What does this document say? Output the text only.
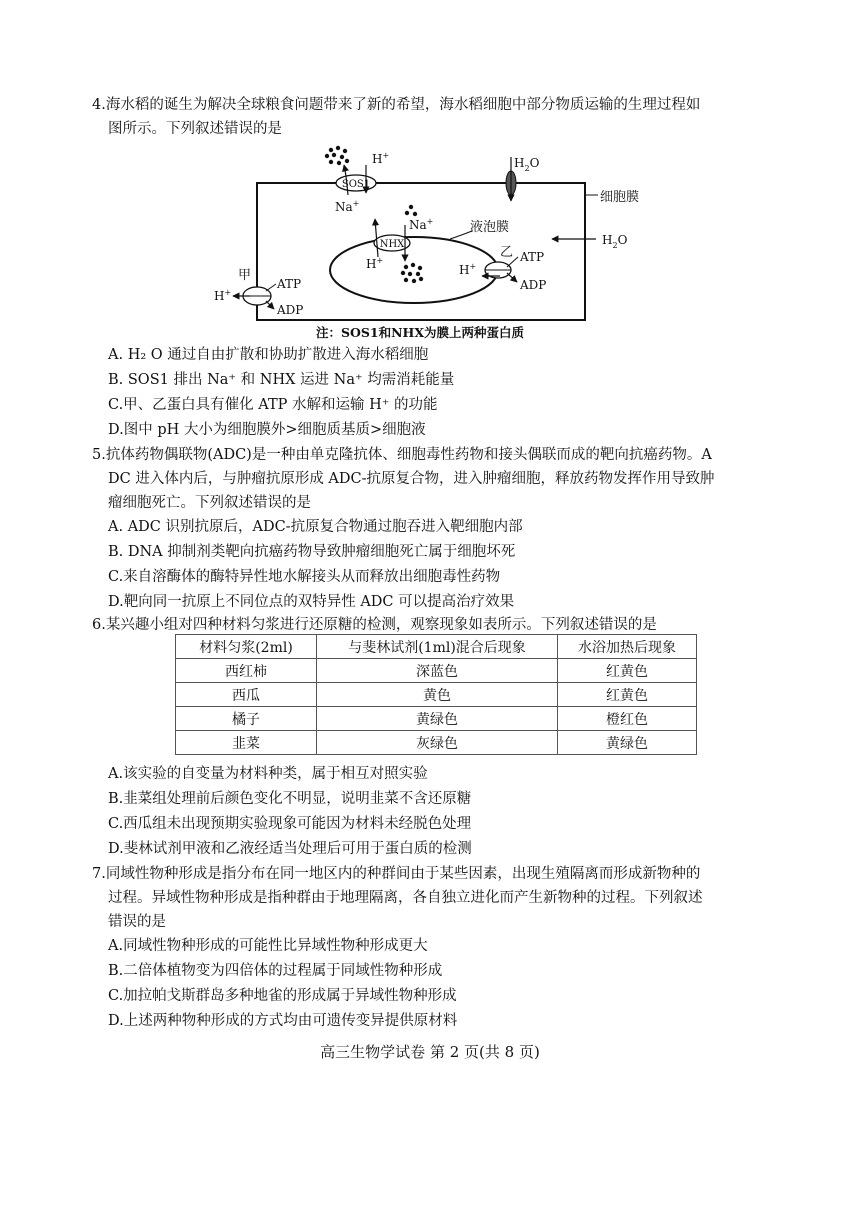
4.海水稻的诞生为解决全球粮食问题带来了新的希望，海水稻细胞中部分物质运输的生理过程如

图所示。下列叙述错误的是

SOS1
H+
Na+
$H_2O$
细胞膜
$H_2O$
NHX
Na+
H+
液泡膜
乙 ATP
ADP
H+
甲
ATP
ADP
H+
注：SOS1和NHX为膜上两种蛋白质

A. H₂ O 通过自由扩散和协助扩散进入海水稻细胞

B. SOS1 排出 Na⁺ 和 NHX 运进 Na⁺ 均需消耗能量

C.甲、乙蛋白具有催化 ATP 水解和运输 H⁺ 的功能

D.图中 pH 大小为细胞膜外>细胞质基质>细胞液

5.抗体药物偶联物(ADC)是一种由单克隆抗体、细胞毒性药物和接头偶联而成的靶向抗癌药物。A

DC 进入体内后，与肿瘤抗原形成 ADC-抗原复合物，进入肿瘤细胞，释放药物发挥作用导致肿

瘤细胞死亡。下列叙述错误的是

A. ADC 识别抗原后，ADC-抗原复合物通过胞吞进入靶细胞内部

B. DNA 抑制剂类靶向抗癌药物导致肿瘤细胞死亡属于细胞坏死

C.来自溶酶体的酶特异性地水解接头从而释放出细胞毒性药物

D.靶向同一抗原上不同位点的双特异性 ADC 可以提高治疗效果

6.某兴趣小组对四种材料匀浆进行还原糖的检测，观察现象如表所示。下列叙述错误的是

材料匀浆(2ml)	与斐林试剂(1ml)混合后现象	水浴加热后现象
西红柿	深蓝色	红黄色
西瓜	黄色	红黄色
橘子	黄绿色	橙红色
韭菜	灰绿色	黄绿色

A.该实验的自变量为材料种类，属于相互对照实验

B.韭菜组处理前后颜色变化不明显，说明韭菜不含还原糖

C.西瓜组未出现预期实验现象可能因为材料未经脱色处理

D.斐林试剂甲液和乙液经适当处理后可用于蛋白质的检测

7.同域性物种形成是指分布在同一地区内的种群间由于某些因素，出现生殖隔离而形成新物种的

过程。异域性物种形成是指种群由于地理隔离，各自独立进化而产生新物种的过程。下列叙述

错误的是

A.同域性物种形成的可能性比异域性物种形成更大

B.二倍体植物变为四倍体的过程属于同域性物种形成

C.加拉帕戈斯群岛多种地雀的形成属于异域性物种形成

D.上述两种物种形成的方式均由可遗传变异提供原材料

高三生物学试卷 第 2 页(共 8 页)
